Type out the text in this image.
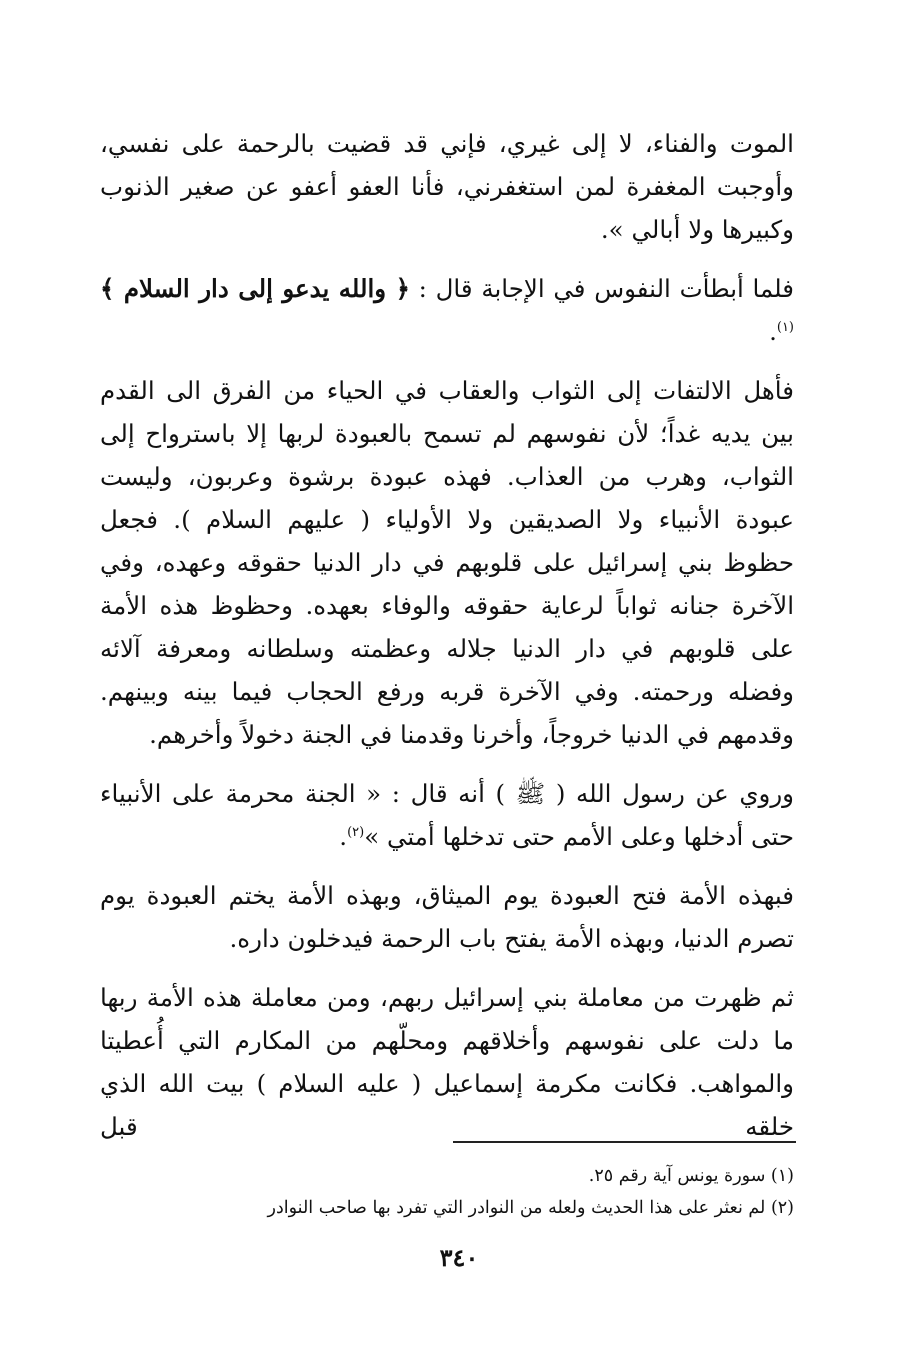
الموت والفناء، لا إلى غيري، فإني قد قضيت بالرحمة على نفسي، وأوجبت المغفرة لمن استغفرني، فأنا العفو أعفو عن صغير الذنوب وكبيرها ولا أبالي ».

فلما أبطأت النفوس في الإجابة قال : ﴿ والله يدعو إلى دار السلام ﴾$^{(١)}$.

فأهل الالتفات إلى الثواب والعقاب في الحياء من الفرق الى القدم بين يديه غداً؛ لأن نفوسهم لم تسمح بالعبودة لربها إلا باسترواح إلى الثواب، وهرب من العذاب. فهذه عبودة برشوة وعربون، وليست عبودة الأنبياء ولا الصديقين ولا الأولياء ( عليهم السلام ). فجعل حظوظ بني إسرائيل على قلوبهم في دار الدنيا حقوقه وعهده، وفي الآخرة جنانه ثواباً لرعاية حقوقه والوفاء بعهده. وحظوظ هذه الأمة على قلوبهم في دار الدنيا جلاله وعظمته وسلطانه ومعرفة آلائه وفضله ورحمته. وفي الآخرة قربه ورفع الحجاب فيما بينه وبينهم. وقدمهم في الدنيا خروجاً، وأخرنا وقدمنا في الجنة دخولاً وأخرهم.

وروي عن رسول الله ( ﷺ ) أنه قال : « الجنة محرمة على الأنبياء حتى أدخلها وعلى الأمم حتى تدخلها أمتي »$^{(٢)}$.

فبهذه الأمة فتح العبودة يوم الميثاق، وبهذه الأمة يختم العبودة يوم تصرم الدنيا، وبهذه الأمة يفتح باب الرحمة فيدخلون داره.

ثم ظهرت من معاملة بني إسرائيل ربهم، ومن معاملة هذه الأمة ربها ما دلت على نفوسهم وأخلاقهم ومحلّهم من المكارم التي أُعطيتا والمواهب. فكانت مكرمة إسماعيل ( عليه السلام ) بيت الله الذي خلقه قبل

(١) سورة يونس آية رقم ٢٥.

(٢) لم نعثر على هذا الحديث ولعله من النوادر التي تفرد بها صاحب النوادر

٣٤٠
